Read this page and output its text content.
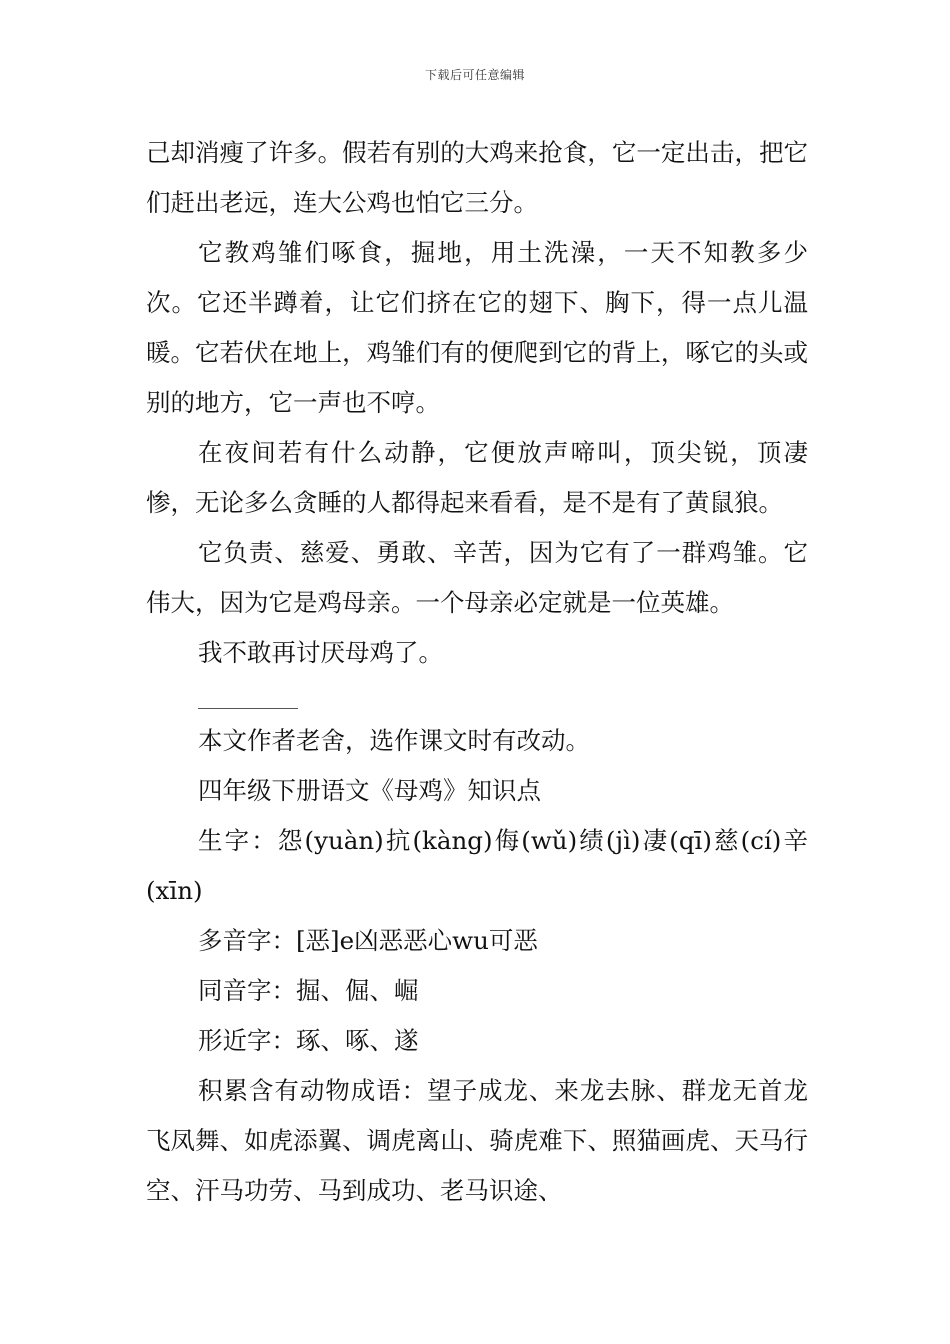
下载后可任意编辑

己却消瘦了许多。假若有别的大鸡来抢食，它一定出击，把它们赶出老远，连大公鸡也怕它三分。

它教鸡雏们啄食，掘地，用土洗澡，一天不知教多少次。它还半蹲着，让它们挤在它的翅下、胸下，得一点儿温暖。它若伏在地上，鸡雏们有的便爬到它的背上，啄它的头或别的地方，它一声也不哼。

在夜间若有什么动静，它便放声啼叫，顶尖锐，顶凄惨，无论多么贪睡的人都得起来看看，是不是有了黄鼠狼。

它负责、慈爱、勇敢、辛苦，因为它有了一群鸡雏。它伟大，因为它是鸡母亲。一个母亲必定就是一位英雄。

我不敢再讨厌母鸡了。

本文作者老舍，选作课文时有改动。

四年级下册语文《母鸡》知识点

生字：怨(yuàn)抗(kàng)侮(wǔ)绩(jì)凄(qī)慈(cí)辛(xīn)

多音字：[恶]e凶恶恶心wu可恶

同音字：掘、倔、崛

形近字：琢、啄、遂

积累含有动物成语：望子成龙、来龙去脉、群龙无首龙飞凤舞、如虎添翼、调虎离山、骑虎难下、照猫画虎、天马行空、汗马功劳、马到成功、老马识途、
